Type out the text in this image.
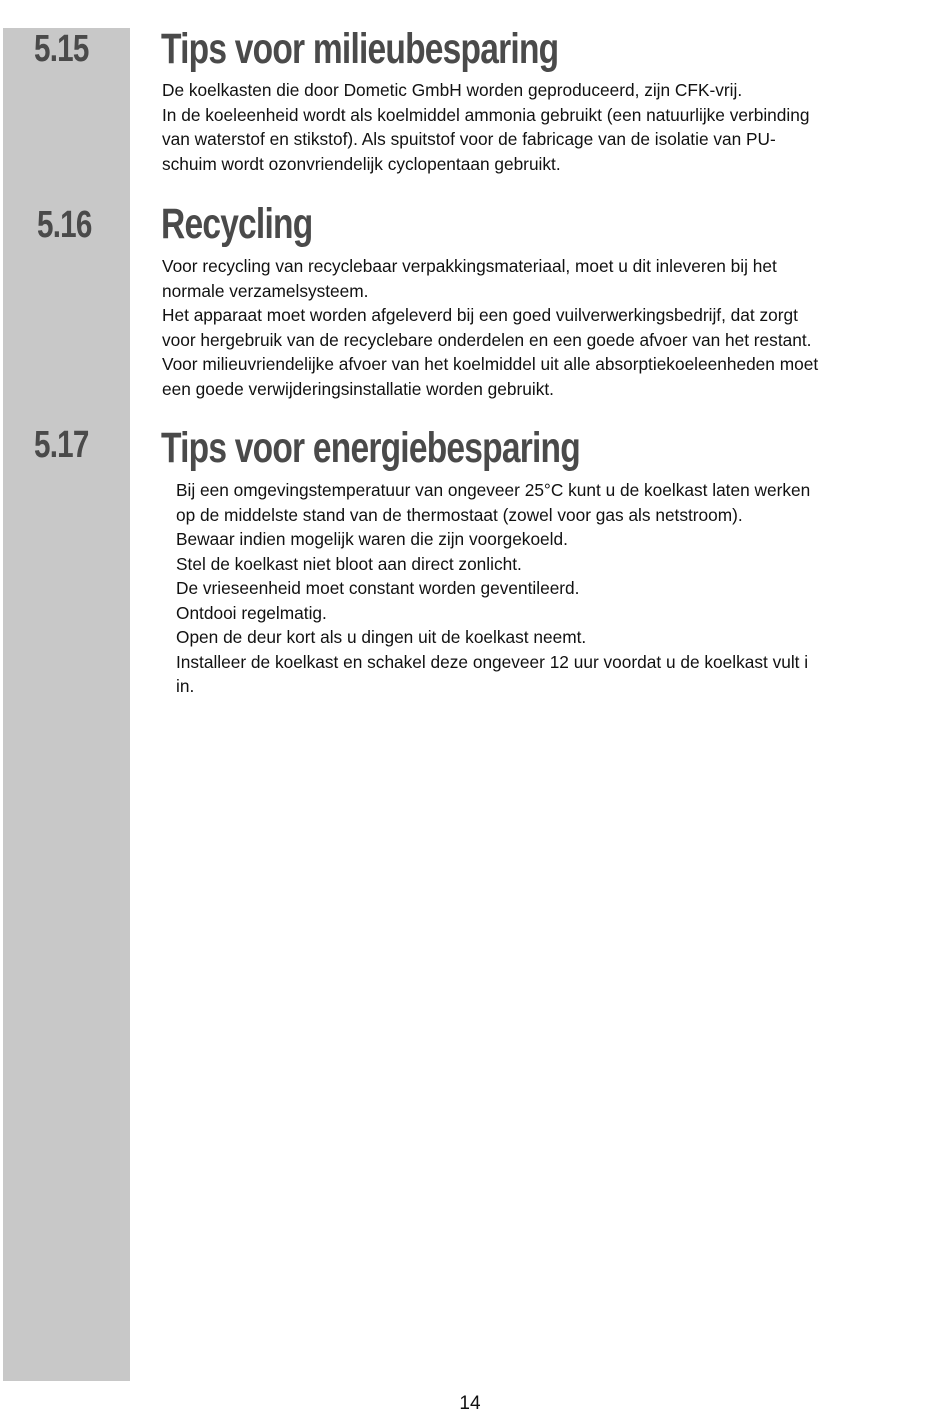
5.15 Tips voor milieubesparing
De koelkasten die door Dometic GmbH worden geproduceerd, zijn CFK-vrij.
In de koeleenheid wordt als koelmiddel ammonia gebruikt (een natuurlijke verbinding
van waterstof en stikstof). Als spuitstof voor de fabricage van de isolatie van PU-
schuim wordt ozonvriendelijk cyclopentaan gebruikt.
5.16 Recycling
Voor recycling van recyclebaar verpakkingsmateriaal, moet u dit inleveren bij het
normale verzamelsysteem.
Het apparaat moet worden afgeleverd bij een goed vuilverwerkingsbedrijf, dat zorgt
voor hergebruik van de recyclebare onderdelen en een goede afvoer van het restant.
Voor milieuvriendelijke afvoer van het koelmiddel uit alle absorptiekoeleenheden moet
een goede verwijderingsinstallatie worden gebruikt.
5.17 Tips voor energiebesparing
Bij een omgevingstemperatuur van ongeveer 25°C kunt u de koelkast laten werken
op de middelste stand van de thermostaat (zowel voor gas als netstroom).
Bewaar indien mogelijk waren die zijn voorgekoeld.
Stel de koelkast niet bloot aan direct zonlicht.
De vrieseenheid moet constant worden geventileerd.
Ontdooi regelmatig.
Open de deur kort als u dingen uit de koelkast neemt.
Installeer de koelkast en schakel deze ongeveer 12 uur voordat u de koelkast vult i
in.
14
